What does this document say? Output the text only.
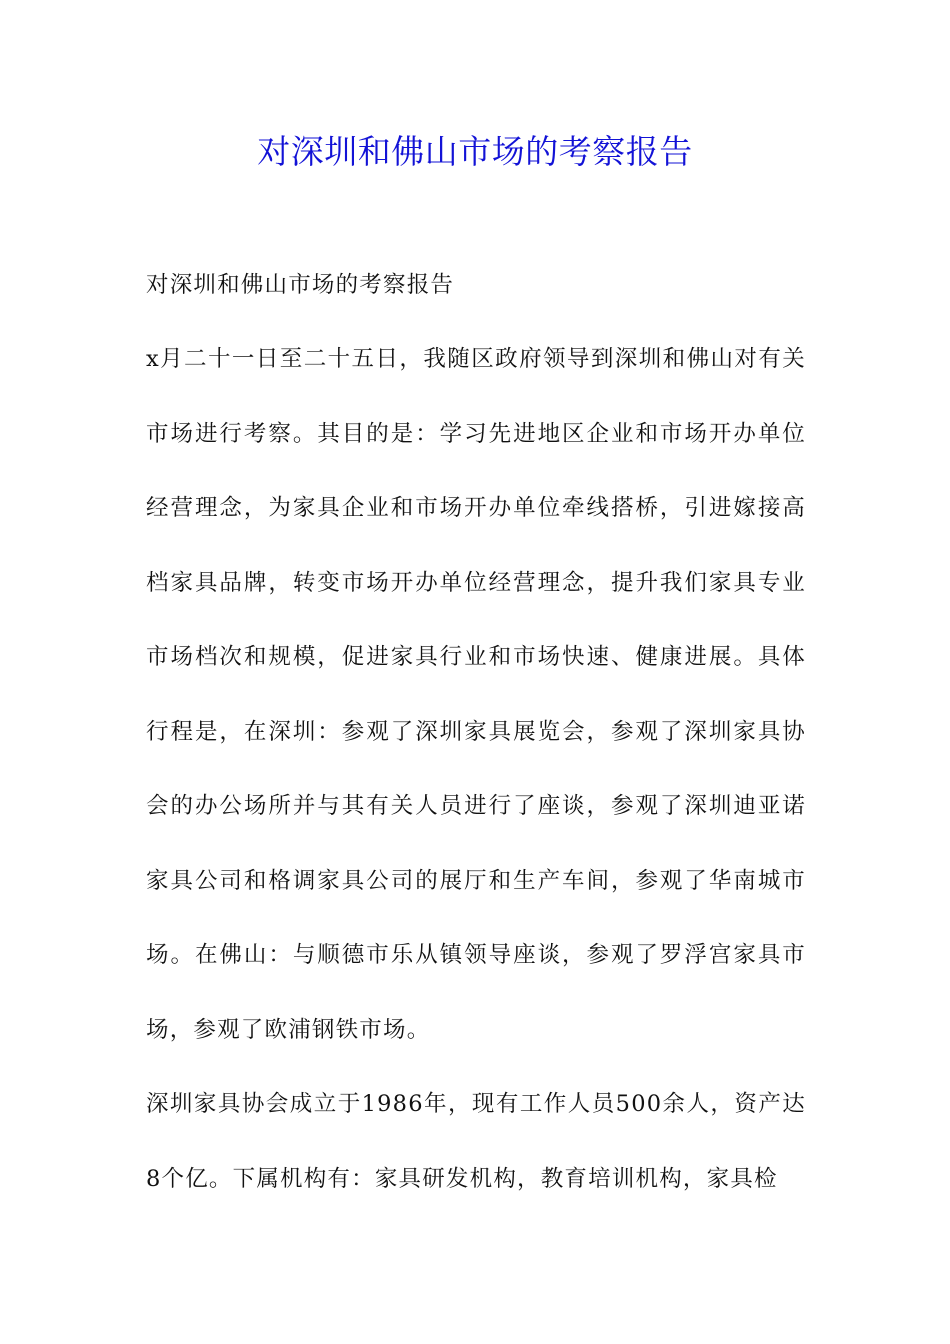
对深圳和佛山市场的考察报告

对深圳和佛山市场的考察报告

x月二十一日至二十五日，我随区政府领导到深圳和佛山对有关市场进行考察。其目的是：学习先进地区企业和市场开办单位经营理念，为家具企业和市场开办单位牵线搭桥，引进嫁接高档家具品牌，转变市场开办单位经营理念，提升我们家具专业市场档次和规模，促进家具行业和市场快速、健康进展。具体行程是，在深圳：参观了深圳家具展览会，参观了深圳家具协会的办公场所并与其有关人员进行了座谈，参观了深圳迪亚诺家具公司和格调家具公司的展厅和生产车间，参观了华南城市场。在佛山：与顺德市乐从镇领导座谈，参观了罗浮宫家具市场，参观了欧浦钢铁市场。

深圳家具协会成立于1986年，现有工作人员500余人，资产达8个亿。下属机构有：家具研发机构，教育培训机构，家具检
